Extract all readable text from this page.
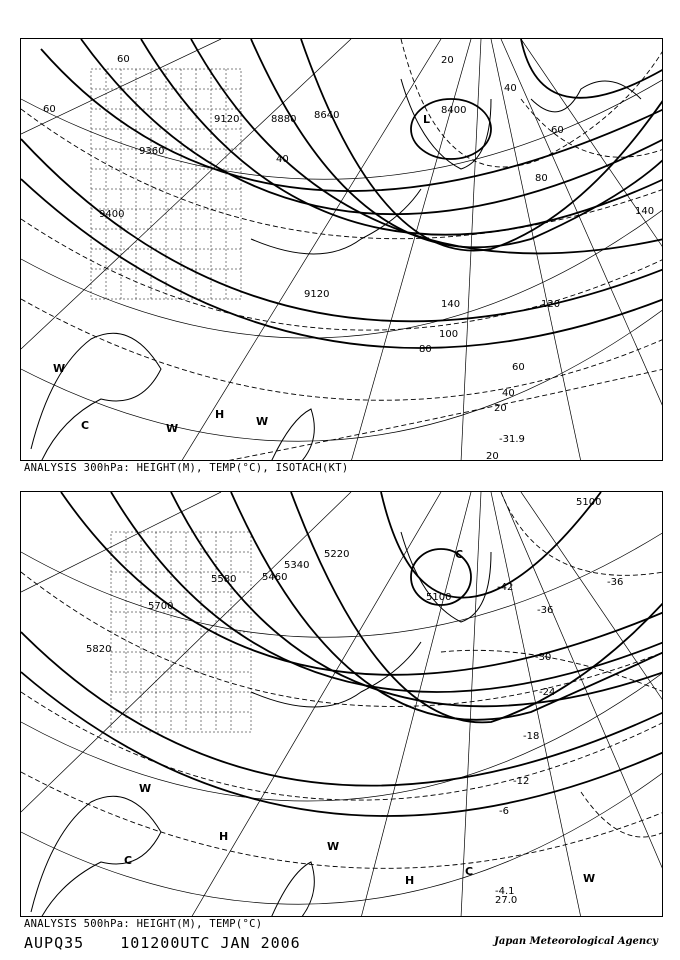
9360
9120	8880 8640	8400
9400
9120
60
60
40
20
40
60
80
120
140
100
80
60
40
20
20
140
L
H
C
W
W
W
-31.9
ANALYSIS 300hPa: HEIGHT(M), TEMP(°C), ISOTACH(KT)
5820
5700
5580	5460
5340
5220
5100
5100
-42
-36
-30
-24
-18
-12
-6
-36
C
W
H
C
W
H
C
W
-4.1
27.0
ANALYSIS 500hPa: HEIGHT(M), TEMP(°C)
AUPQ35 101200UTC JAN 2006	Japan Meteorological Agency
